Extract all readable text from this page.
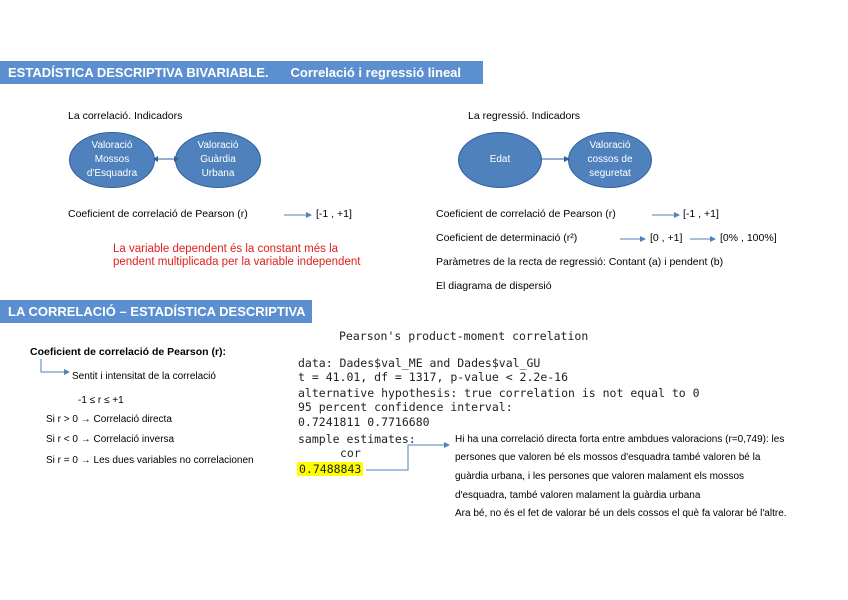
ESTADÍSTICA DESCRIPTIVA BIVARIABLE. Correlació i regressió lineal
La correlació. Indicadors
Valoració
Mossos
d'Esquadra
Valoració
Guàrdia
Urbana
Coeficient de correlació de Pearson (r)	[-1 , +1]
La variable dependent és la constant més la pendent multiplicada per la variable independent
La regressió. Indicadors
Edat
Valoració
cossos de
seguretat
Coeficient de correlació de Pearson (r)	[-1 , +1]
Coeficient de determinació (r²)	[0 , +1]	[0% , 100%]
Paràmetres de la recta de regressió: Contant (a) i pendent (b)
El diagrama de dispersió
LA CORRELACIÓ – ESTADÍSTICA DESCRIPTIVA
Coeficient de correlació de Pearson (r):
Sentit i intensitat de la correlació
-1 ≤ r ≤ +1
Si r > 0 → Correlació directa
Si r < 0 → Correlació inversa
Si r = 0 → Les dues variables no correlacionen
Pearson's product-moment correlation
data: Dades$val_ME and Dades$val_GU
t = 41.01, df = 1317, p-value < 2.2e-16
alternative hypothesis: true correlation is not equal to 0
95 percent confidence interval:
0.7241811 0.7716680
sample estimates:
cor
0.7488843
Hi ha una correlació directa forta entre ambdues valoracions (r=0,749): les
persones que valoren bé els mossos d'esquadra també valoren bé la
guàrdia urbana, i les persones que valoren malament els mossos
d'esquadra, també valoren malament la guàrdia urbana
Ara bé, no és el fet de valorar bé un dels cossos el què fa valorar bé l'altre.
